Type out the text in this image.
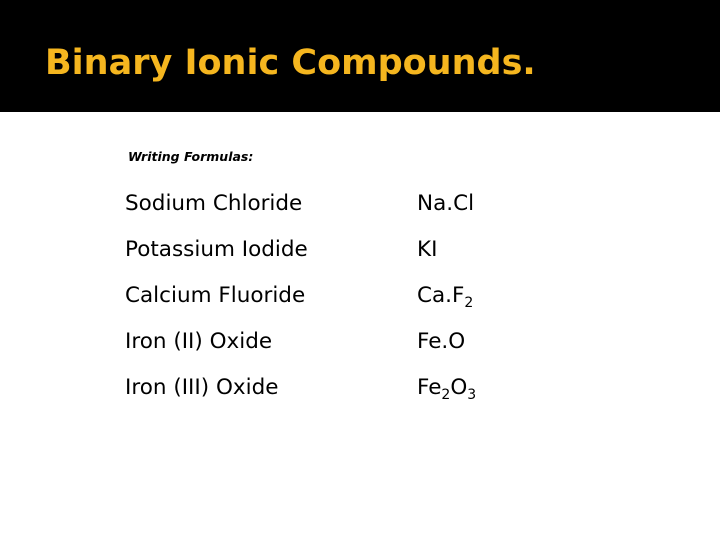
Binary Ionic Compounds.
Writing Formulas:
Sodium Chloride	Na.Cl
Potassium Iodide	KI
Calcium Fluoride	$Ca.F_2$
Iron (II) Oxide	Fe.O
Iron (III) Oxide	$Fe_2O_3$
